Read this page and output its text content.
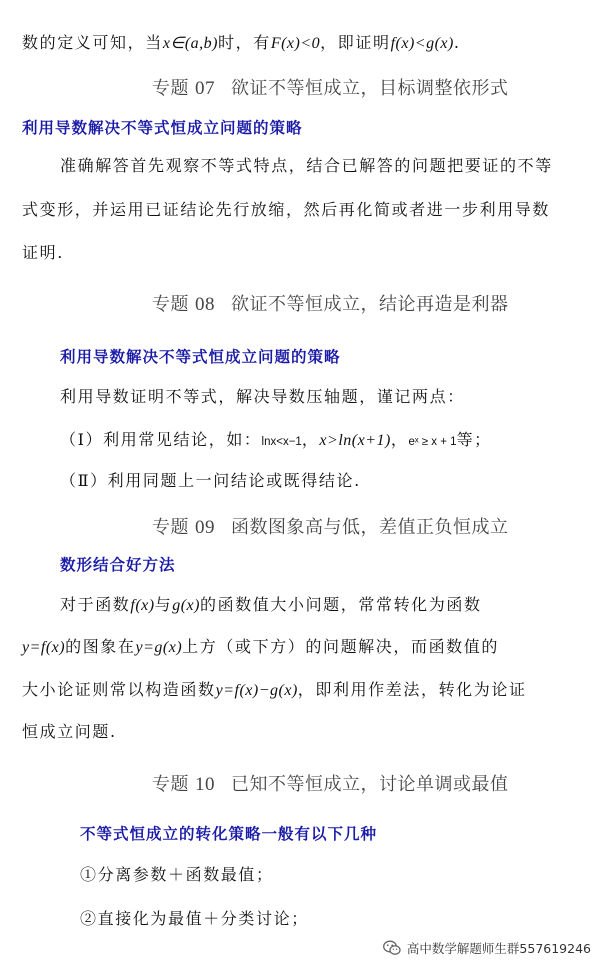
数的定义可知，当x∈(a,b)时，有F(x)<0，即证明f(x)<g(x).
专题 07 欲证不等恒成立，目标调整依形式
利用导数解决不等式恒成立问题的策略
准确解答首先观察不等式特点，结合已解答的问题把要证的不等
式变形，并运用已证结论先行放缩，然后再化简或者进一步利用导数
证明.
专题 08 欲证不等恒成立，结论再造是利器
利用导数解决不等式恒成立问题的策略
利用导数证明不等式，解决导数压轴题，谨记两点：
（Ⅰ）利用常见结论，如：lnx<x−1，x>ln(x+1)，eˣ ≥ x + 1等；
（Ⅱ）利用同题上一问结论或既得结论.
专题 09 函数图象高与低，差值正负恒成立
数形结合好方法
对于函数f(x)与g(x)的函数值大小问题，常常转化为函数
y=f(x)的图象在y=g(x)上方（或下方）的问题解决，而函数值的
大小论证则常以构造函数y=f(x)−g(x)，即利用作差法，转化为论证
恒成立问题.
专题 10 已知不等恒成立，讨论单调或最值
不等式恒成立的转化策略一般有以下几种
①分离参数＋函数最值；
②直接化为最值＋分类讨论；
高中数学解题师生群557619246
